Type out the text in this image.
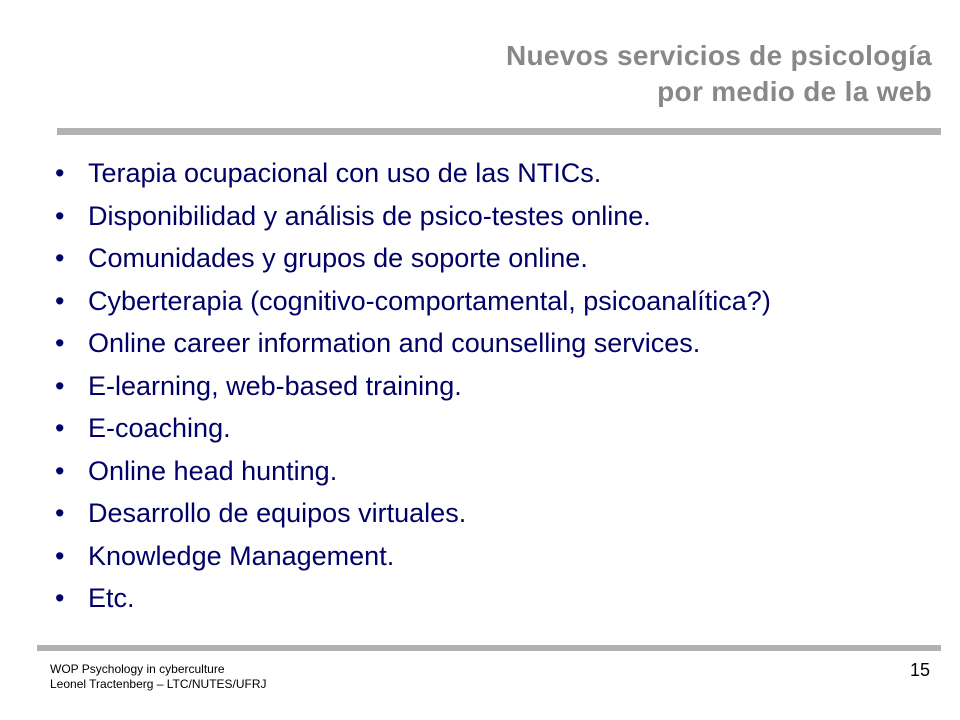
Nuevos servicios de psicología
por medio de la web
• Terapia ocupacional con uso de las NTICs.
• Disponibilidad y análisis de psico-testes online.
• Comunidades y grupos de soporte online.
• Cyberterapia (cognitivo-comportamental, psicoanalítica?)
• Online career information and counselling services.
• E-learning, web-based training.
• E-coaching.
• Online head hunting.
• Desarrollo de equipos virtuales.
• Knowledge Management.
• Etc.
WOP Psychology in cyberculture
Leonel Tractenberg – LTC/NUTES/UFRJ
15
